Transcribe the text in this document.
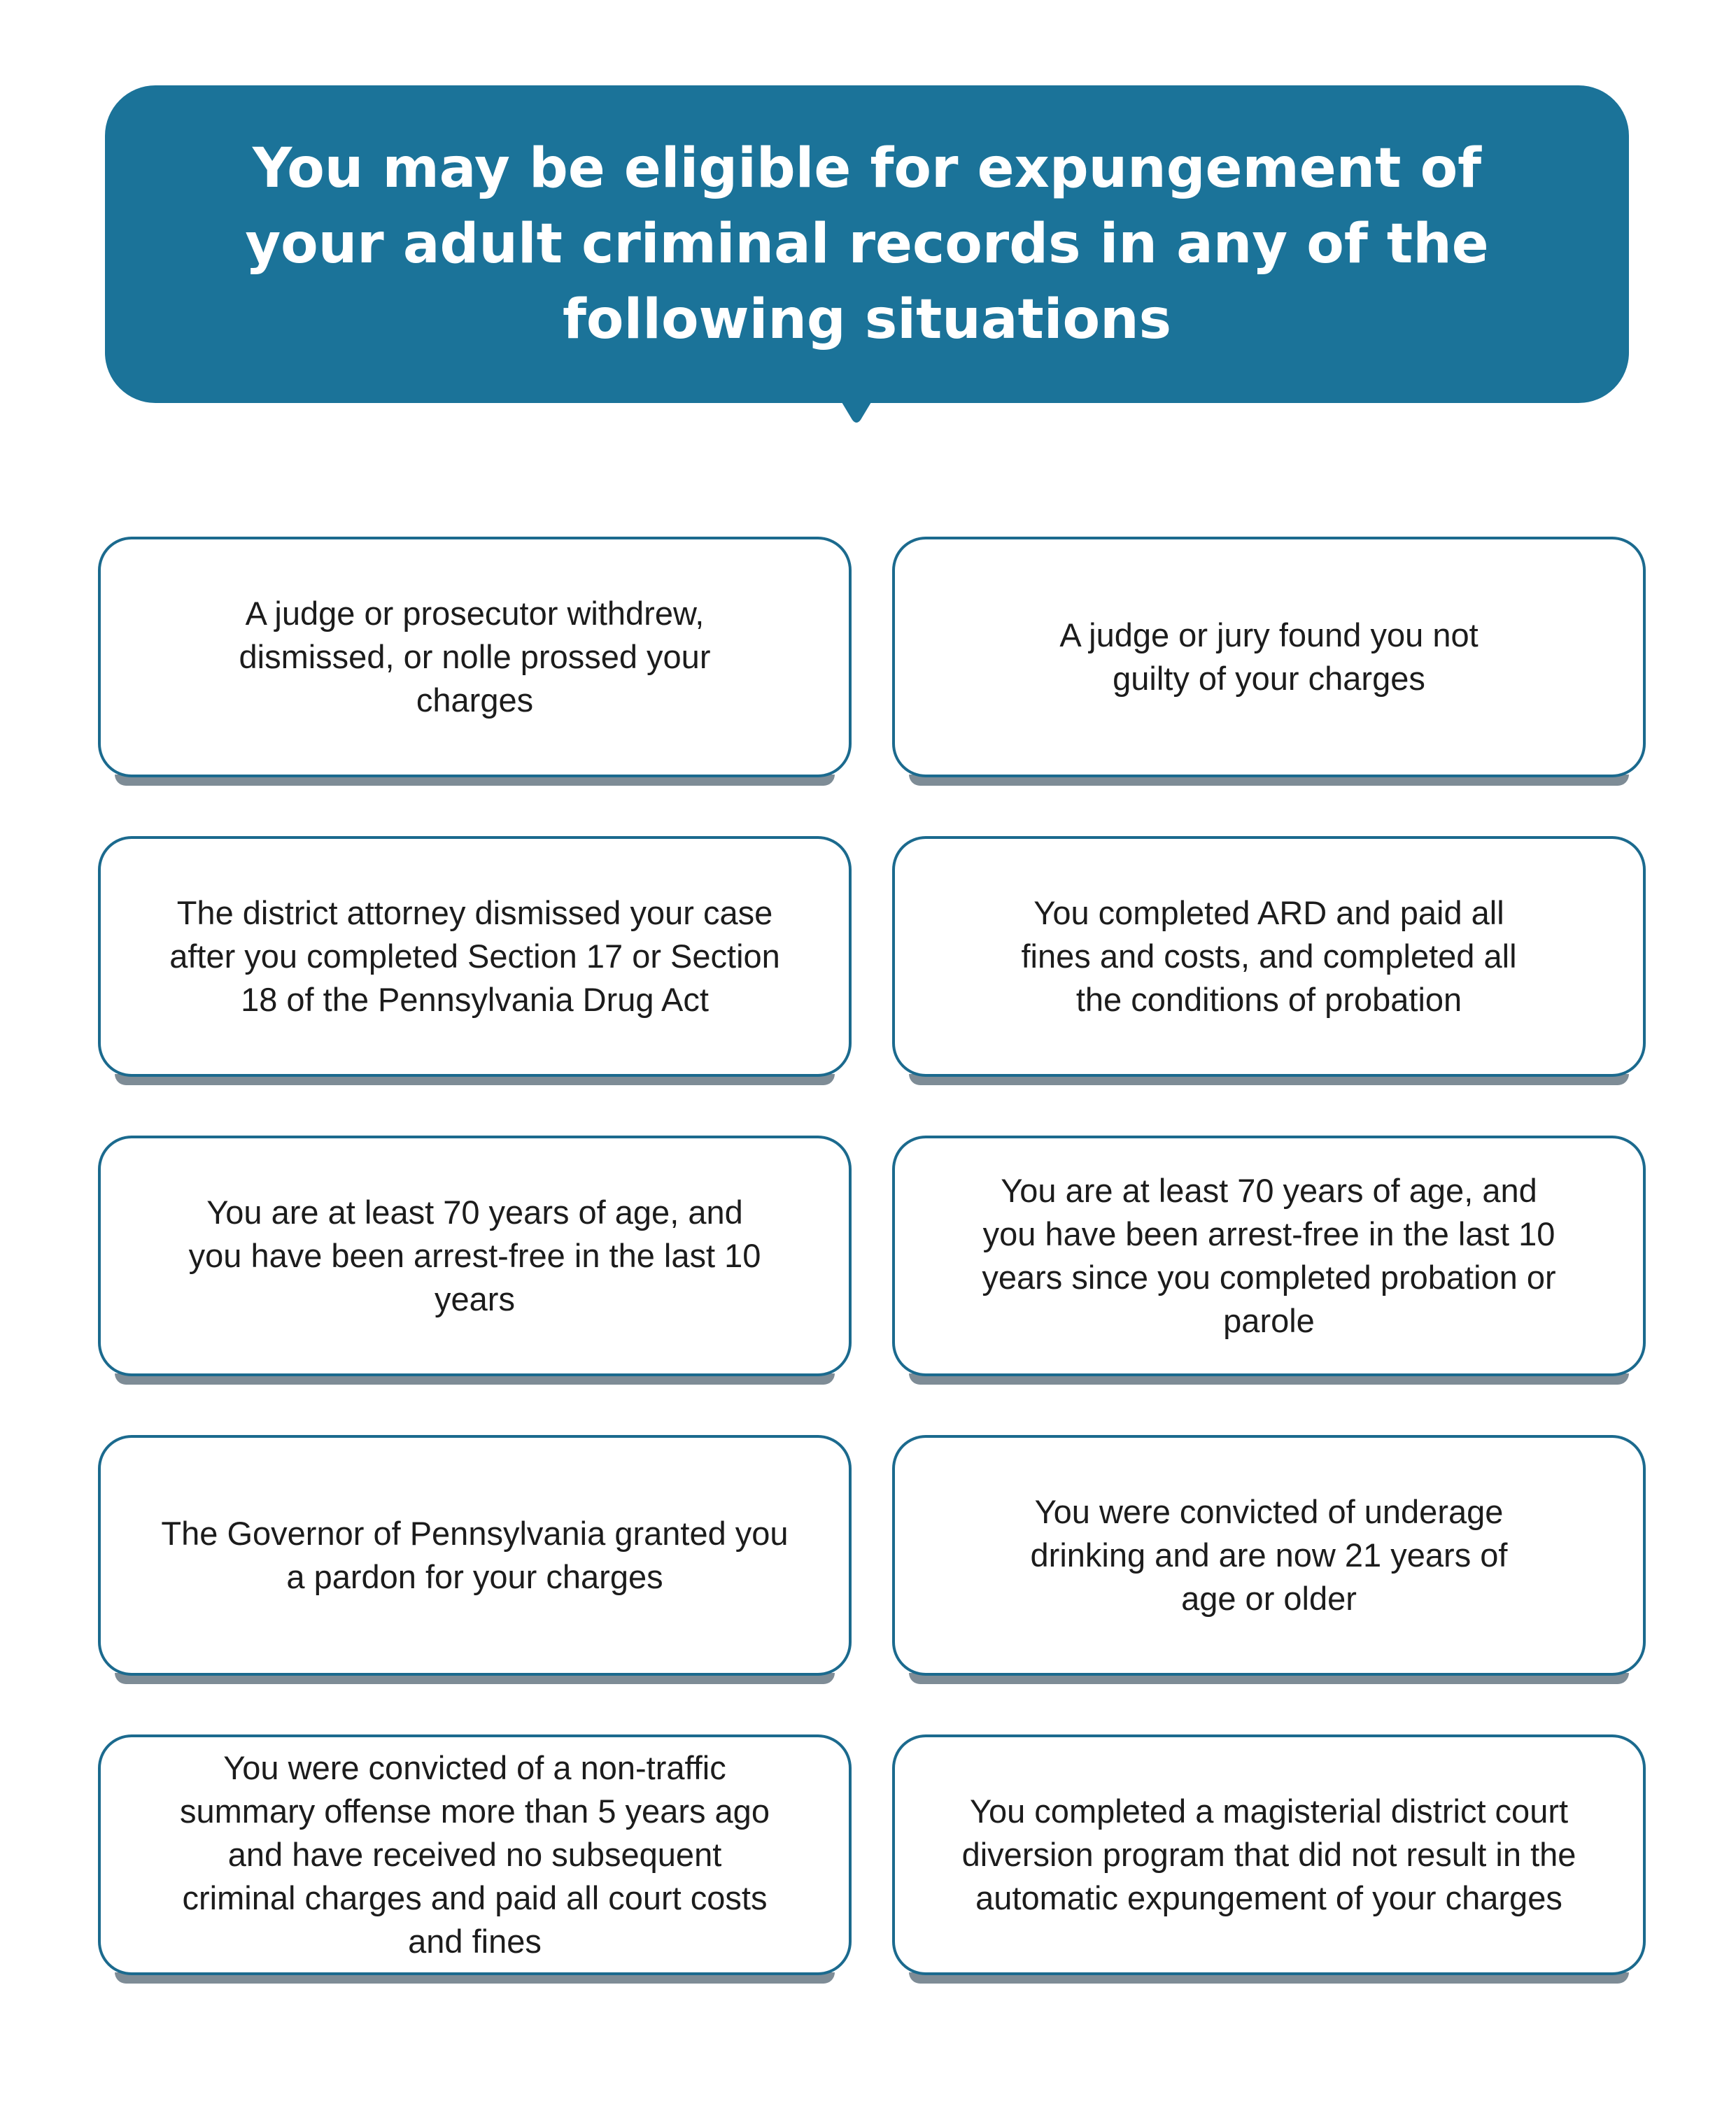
You may be eligible for expungement of your adult criminal records in any of the following situations
A judge or prosecutor withdrew, dismissed, or nolle prossed your charges
A judge or jury found you not guilty of your charges
The district attorney dismissed your case after you completed Section 17 or Section 18 of the Pennsylvania Drug Act
You completed ARD and paid all fines and costs, and completed all the conditions of probation
You are at least 70 years of age, and you have been arrest-free in the last 10 years
You are at least 70 years of age, and you have been arrest-free in the last 10 years since you completed probation or parole
The Governor of Pennsylvania granted you a pardon for your charges
You were convicted of underage drinking and are now 21 years of age or older
You were convicted of a non-traffic summary offense more than 5 years ago and have received no subsequent criminal charges and paid all court costs and fines
You completed a magisterial district court diversion program that did not result in the automatic expungement of your charges
